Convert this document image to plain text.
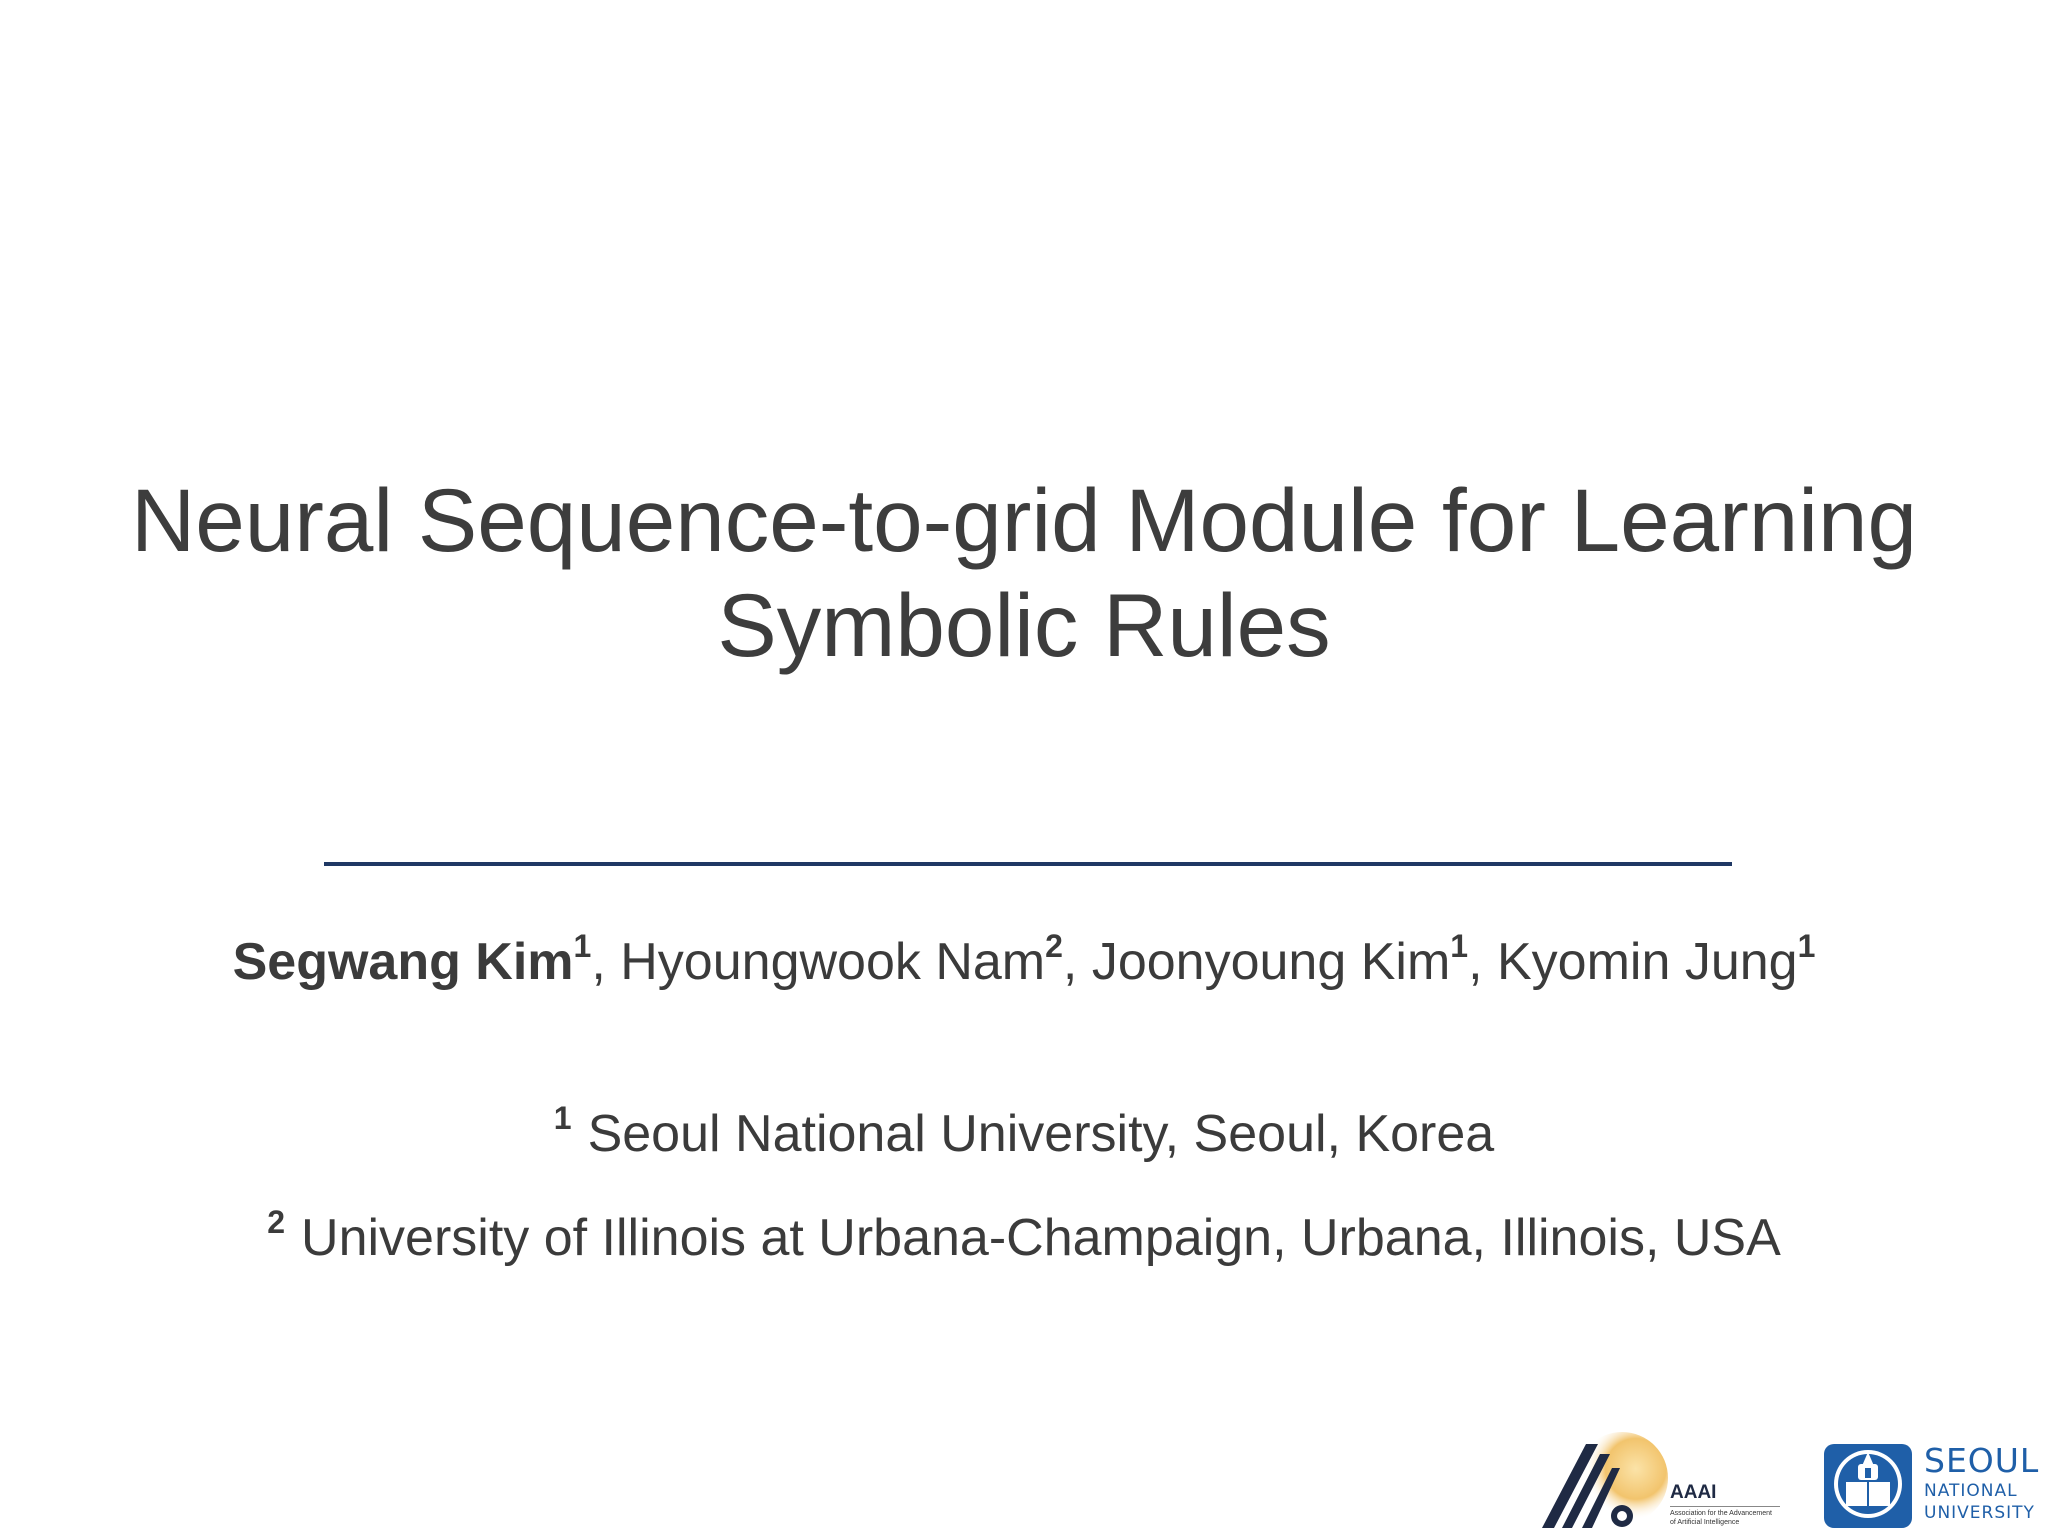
Neural Sequence-to-grid Module for Learning
Symbolic Rules
Segwang Kim$^1$, Hyoungwook Nam$^2$, Joonyoung Kim$^1$, Kyomin Jung$^1$
$^1$ Seoul National University, Seoul, Korea
$^2$ University of Illinois at Urbana-Champaign, Urbana, Illinois, USA
AAAI
Association for the Advancement
of Artificial Intelligence
SEOUL
NATIONAL
UNIVERSITY
